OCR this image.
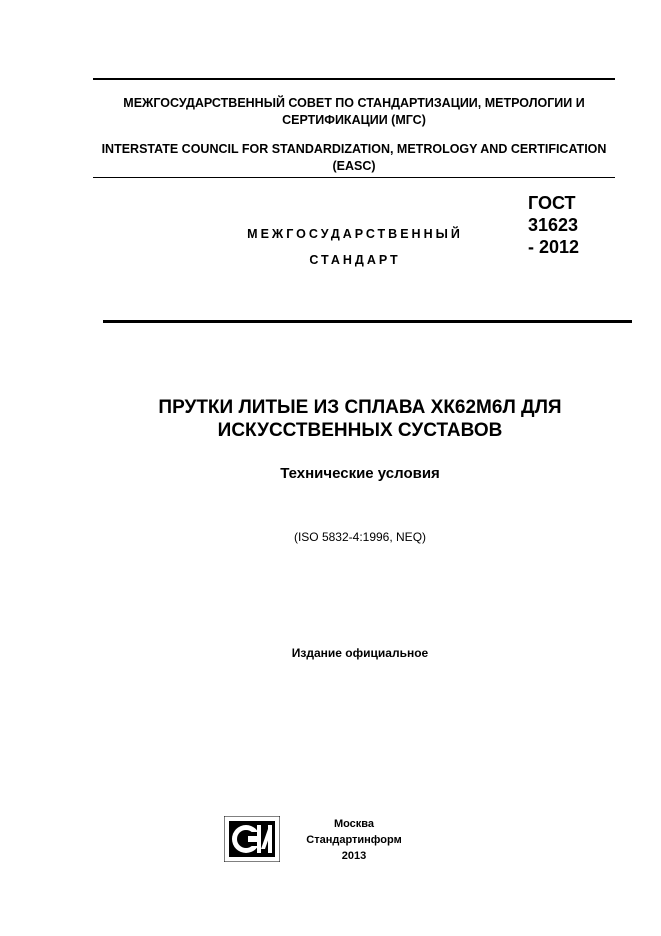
МЕЖГОСУДАРСТВЕННЫЙ СОВЕТ ПО СТАНДАРТИЗАЦИИ, МЕТРОЛОГИИ И СЕРТИФИКАЦИИ (МГС)
INTERSTATE COUNCIL FOR STANDARDIZATION, METROLOGY AND CERTIFICATION (EASC)
МЕЖГОСУДАРСТВЕННЫЙ
СТАНДАРТ
ГОСТ
31623
- 2012
ПРУТКИ ЛИТЫЕ ИЗ СПЛАВА ХК62М6Л ДЛЯ
ИСКУССТВЕННЫХ СУСТАВОВ
Технические условия
(ISO 5832-4:1996, NEQ)
Издание официальное
Москва
Стандартинформ
2013
